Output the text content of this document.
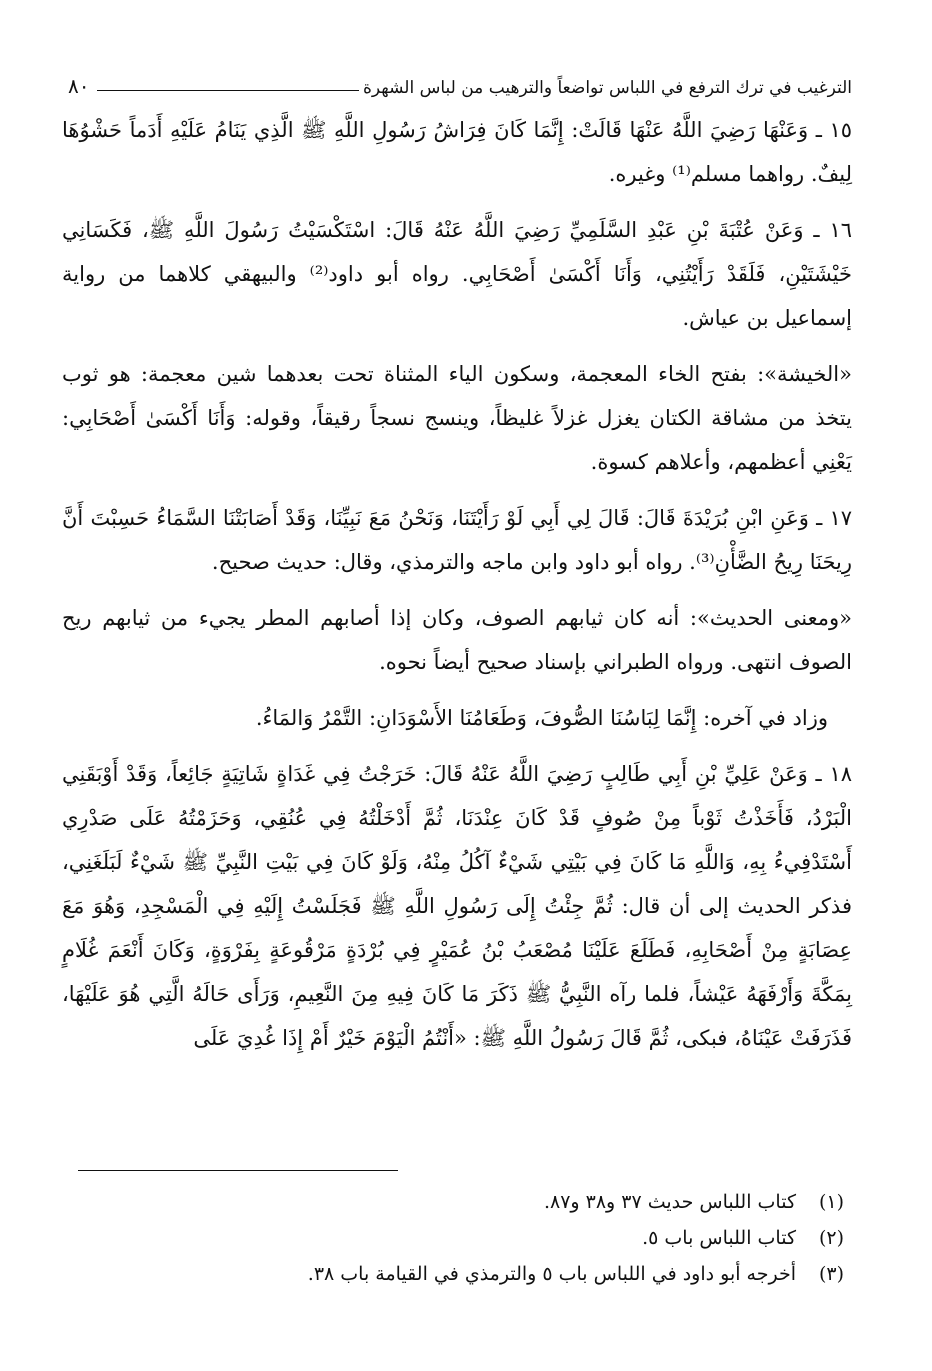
الترغيب في ترك الترفع في اللباس تواضعاً والترهيب من لباس الشهرة
٨٠

١٥ ـ وَعَنْهَا رَضِيَ اللَّهُ عَنْهَا قَالَتْ: إِنَّمَا كَانَ فِرَاشُ رَسُولِ اللَّهِ ﷺ الَّذِي يَنَامُ عَلَيْهِ أَدَماً حَشْوُهَا لِيفٌ. رواهما مسلم⁽¹⁾ وغيره.

١٦ ـ وَعَنْ عُتْبَةَ بْنِ عَبْدِ السَّلَمِيِّ رَضِيَ اللَّهُ عَنْهُ قَالَ: اسْتَكْسَيْتُ رَسُولَ اللَّهِ ﷺ، فَكَسَانِي خَيْشَتَيْنِ، فَلَقَدْ رَأَيْتُنِي، وَأَنَا أَكْسَىٰ أَصْحَابِي. رواه أبو داود⁽²⁾ والبيهقي كلاهما من رواية إسماعيل بن عياش.

«الخيشة»: بفتح الخاء المعجمة، وسكون الياء المثناة تحت بعدهما شين معجمة: هو ثوب يتخذ من مشاقة الكتان يغزل غزلاً غليظاً، وينسج نسجاً رقيقاً، وقوله: وَأَنَا أَكْسَىٰ أَصْحَابِي: يَعْنِي أعظمهم، وأعلاهم كسوة.

١٧ ـ وَعَنِ ابْنِ بُرَيْدَةَ قَالَ: قَالَ لِي أَبِي لَوْ رَأَيْتَنَا، وَنَحْنُ مَعَ نَبِيِّنَا، وَقَدْ أَصَابَتْنَا السَّمَاءُ حَسِبْتَ أَنَّ رِيحَنَا رِيحُ الضَّأْنِ⁽³⁾. رواه أبو داود وابن ماجه والترمذي، وقال: حديث صحيح.

«ومعنى الحديث»: أنه كان ثيابهم الصوف، وكان إذا أصابهم المطر يجيء من ثيابهم ريح الصوف انتهى. ورواه الطبراني بإسناد صحيح أيضاً نحوه.

وزاد في آخره: إِنَّمَا لِبَاسُنَا الصُّوفَ، وَطَعَامُنَا الأَسْوَدَانِ: التَّمْرُ وَالمَاءُ.

١٨ ـ وَعَنْ عَلِيِّ بْنِ أَبِي طَالِبٍ رَضِيَ اللَّهُ عَنْهُ قَالَ: خَرَجْتُ فِي غَدَاةٍ شَاتِيَةٍ جَائِعاً، وَقَدْ أَوْبَقَنِي الْبَرْدُ، فَأَخَذْتُ ثَوْباً مِنْ صُوفٍ قَدْ كَانَ عِنْدَنَا، ثُمَّ أَدْخَلْتُهُ فِي عُنُقِي، وَحَزَمْتُهُ عَلَى صَدْرِي أَسْتَدْفِيءُ بِهِ، وَاللَّهِ مَا كَانَ فِي بَيْتِي شَيْءٌ آكُلُ مِنْهُ، وَلَوْ كَانَ فِي بَيْتِ النَّبِيِّ ﷺ شَيْءٌ لَبَلَغَنِي، فذكر الحديث إلى أن قال: ثُمَّ جِئْتُ إِلَى رَسُولِ اللَّهِ ﷺ فَجَلَسْتُ إِلَيْهِ فِي الْمَسْجِدِ، وَهُوَ مَعَ عِصَابَةٍ مِنْ أَصْحَابِهِ، فَطَلَعَ عَلَيْنَا مُصْعَبُ بْنُ عُمَيْرٍ فِي بُرْدَةٍ مَرْقُوعَةٍ بِفَرْوَةٍ، وَكَانَ أَنْعَمَ غُلَامٍ بِمَكَّةَ وَأَرْفَهَهُ عَيْشاً، فلما رآه النَّبِيُّ ﷺ ذَكَرَ مَا كَانَ فِيهِ مِنَ النَّعِيمِ، وَرَأَى حَالَهُ الَّتِي هُوَ عَلَيْهَا، فَذَرَفَتْ عَيْنَاهُ، فبكى، ثُمَّ قَالَ رَسُولُ اللَّهِ ﷺ: «أَنْتُمُ الْيَوْمَ خَيْرٌ أَمْ إِذَا غُدِيَ عَلَى

(١)
كتاب اللباس حديث ٣٧ و٣٨ و٨٧.
(٢)
كتاب اللباس باب ٥.
(٣)
أخرجه أبو داود في اللباس باب ٥ والترمذي في القيامة باب ٣٨.
